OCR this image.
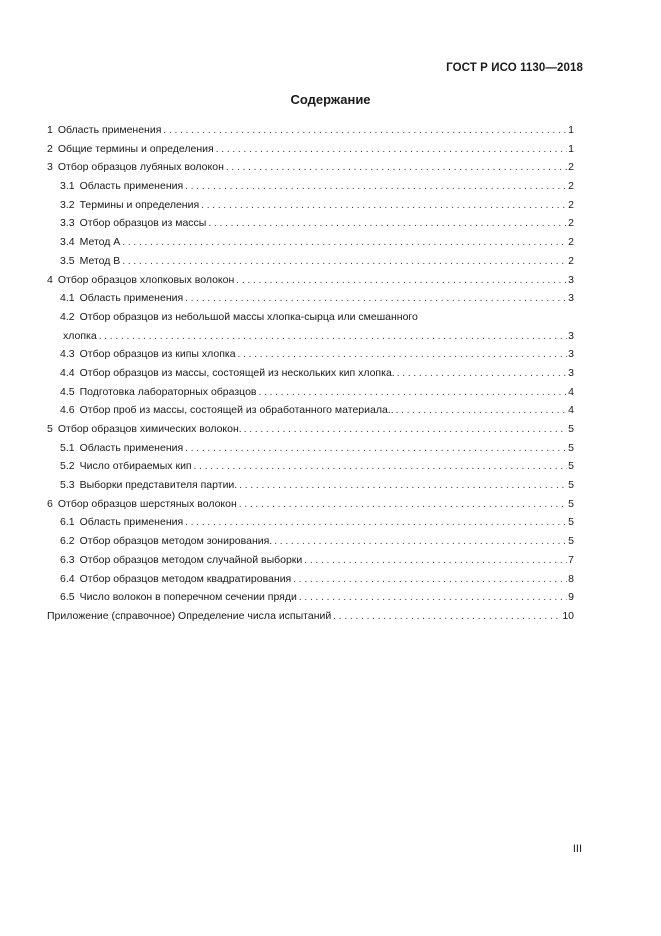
ГОСТ Р ИСО 1130—2018
Содержание
1 Область применения . . .	1
2 Общие термины и определения . . .	1
3 Отбор образцов лубяных волокон . . .	2
3.1 Область применения . . .	2
3.2 Термины и определения . . .	2
3.3 Отбор образцов из массы . . .	2
3.4 Метод А . . .	2
3.5 Метод В . . .	2
4 Отбор образцов хлопковых волокон . . .	3
4.1 Область применения . . .	3
4.2 Отбор образцов из небольшой массы хлопка-сырца или смешанного
хлопка . . .	3
4.3 Отбор образцов из кипы хлопка . . .	3
4.4 Отбор образцов из массы, состоящей из нескольких кип хлопка. . . .	3
4.5 Подготовка лабораторных образцов . . .	4
4.6 Отбор проб из массы, состоящей из обработанного материала.. . . .	4
5 Отбор образцов химических волокон. . . .	5
5.1 Область применения . . .	5
5.2 Число отбираемых кип . . .	5
5.3 Выборки представителя партии. . . .	5
6 Отбор образцов шерстяных волокон . . .	5
6.1 Область применения . . .	5
6.2 Отбор образцов методом зонирования. . . .	5
6.3 Отбор образцов методом случайной выборки . . .	7
6.4 Отбор образцов методом квадратирования . . .	8
6.5 Число волокон в поперечном сечении пряди . . .	9
Приложение (справочное) Определение числа испытаний . . .	10
III
